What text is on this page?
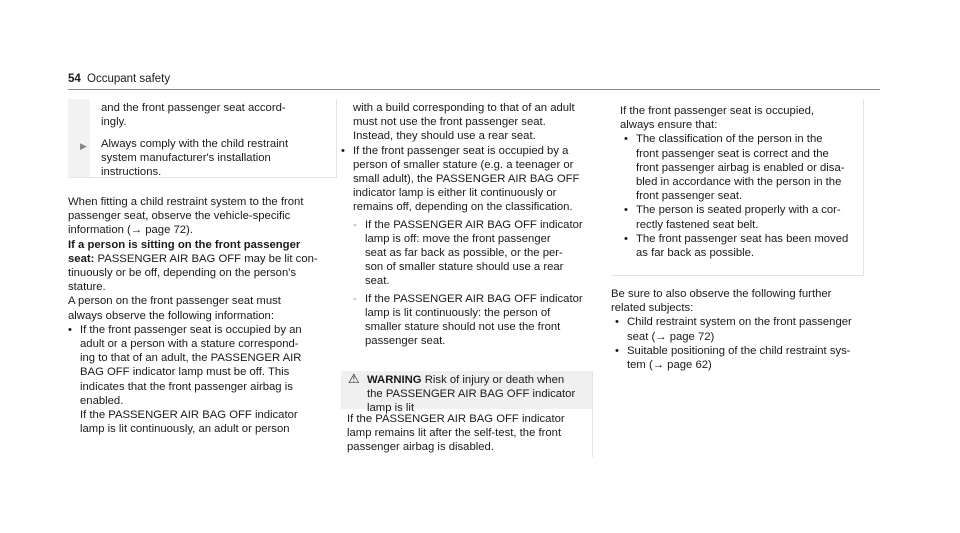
54 Occupant safety

and the front passenger seat accord-

ingly.

▶ Always comply with the child restraint

system manufacturer's installation

instructions.

When fitting a child restraint system to the front

passenger seat, observe the vehicle-specific

information (→ page 72).

If a person is sitting on the front passenger

seat: PASSENGER AIR BAG OFF may be lit con-

tinuously or be off, depending on the person's

stature.

A person on the front passenger seat must

always observe the following information:

• If the front passenger seat is occupied by an

adult or a person with a stature correspond-

ing to that of an adult, the PASSENGER AIR

BAG OFF indicator lamp must be off. This

indicates that the front passenger airbag is

enabled.

If the PASSENGER AIR BAG OFF indicator

lamp is lit continuously, an adult or person

with a build corresponding to that of an adult

must not use the front passenger seat.

Instead, they should use a rear seat.

• If the front passenger seat is occupied by a

person of smaller stature (e.g. a teenager or

small adult), the PASSENGER AIR BAG OFF

indicator lamp is either lit continuously or

remains off, depending on the classification.

- If the PASSENGER AIR BAG OFF indicator

lamp is off: move the front passenger

seat as far back as possible, or the per-

son of smaller stature should use a rear

seat.

- If the PASSENGER AIR BAG OFF indicator

lamp is lit continuously: the person of

smaller stature should not use the front

passenger seat.

⚠ WARNING Risk of injury or death when

the PASSENGER AIR BAG OFF indicator

lamp is lit

If the PASSENGER AIR BAG OFF indicator

lamp remains lit after the self-test, the front

passenger airbag is disabled.

If the front passenger seat is occupied,

always ensure that:

• The classification of the person in the

front passenger seat is correct and the

front passenger airbag is enabled or disa-

bled in accordance with the person in the

front passenger seat.

• The person is seated properly with a cor-

rectly fastened seat belt.

• The front passenger seat has been moved

as far back as possible.

Be sure to also observe the following further

related subjects:

• Child restraint system on the front passenger

seat (→ page 72)

• Suitable positioning of the child restraint sys-

tem (→ page 62)
